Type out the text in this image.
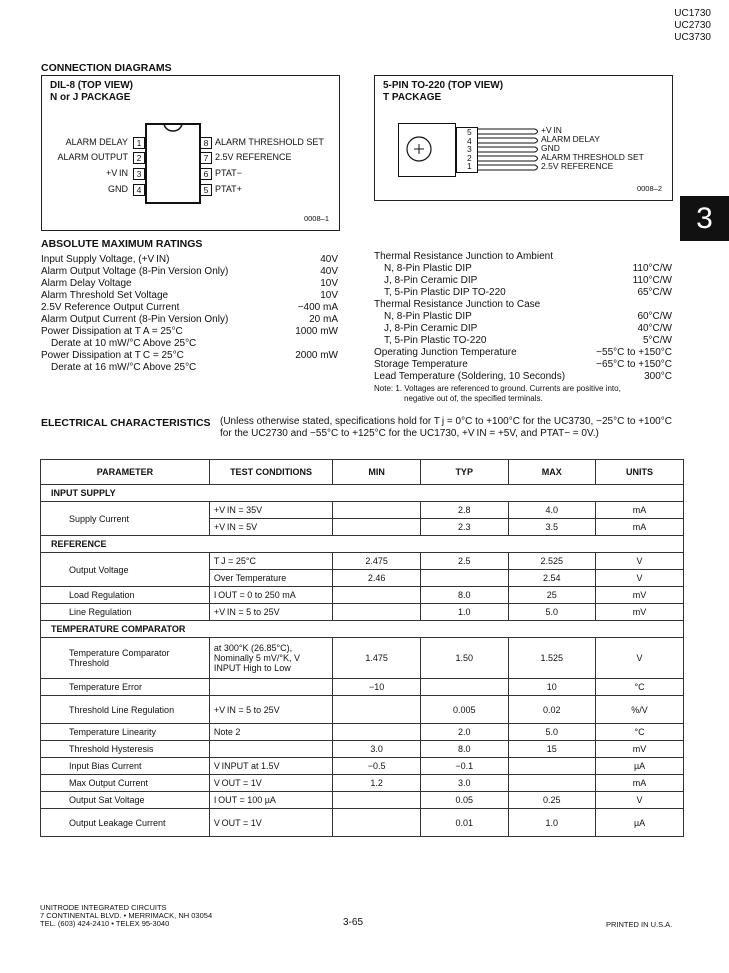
UC1730
UC2730
UC3730
3
CONNECTION DIAGRAMS
DIL-8 (TOP VIEW)
N or J PACKAGE
ALARM DELAY	1
ALARM OUTPUT	2
+V IN	3
GND	4
8 ALARM THRESHOLD SET
7 2.5V REFERENCE
6 PTAT−
5 PTAT+
0008–1
5-PIN TO-220 (TOP VIEW)
T PACKAGE
5
4
3
2
1
+V IN
ALARM DELAY
GND
ALARM THRESHOLD SET
2.5V REFERENCE
0008–2
ABSOLUTE MAXIMUM RATINGS
Input Supply Voltage, (+V IN)	40V
Alarm Output Voltage (8-Pin Version Only)	40V
Alarm Delay Voltage	10V
Alarm Threshold Set Voltage	10V
2.5V Reference Output Current	−400 mA
Alarm Output Current (8-Pin Version Only)	20 mA
Power Dissipation at T A = 25°C	1000 mW
Derate at 10 mW/°C Above 25°C
Power Dissipation at T C = 25°C	2000 mW
Derate at 16 mW/°C Above 25°C
Thermal Resistance Junction to Ambient
N, 8-Pin Plastic DIP	110°C/W
J, 8-Pin Ceramic DIP	110°C/W
T, 5-Pin Plastic DIP TO-220	65°C/W
Thermal Resistance Junction to Case
N, 8-Pin Plastic DIP	60°C/W
J, 8-Pin Ceramic DIP	40°C/W
T, 5-Pin Plastic TO-220	5°C/W
Operating Junction Temperature	−55°C to +150°C
Storage Temperature	−65°C to +150°C
Lead Temperature (Soldering, 10 Seconds)	300°C
Note: 1. Voltages are referenced to ground. Currents are positive into,
negative out of, the specified terminals.
ELECTRICAL CHARACTERISTICS (Unless otherwise stated, specifications hold for T j = 0°C to +100°C for the UC3730, −25°C to +100°C for the UC2730 and −55°C to +125°C for the UC1730, +V IN = +5V, and PTAT− = 0V.)
PARAMETER	TEST CONDITIONS	MIN	TYP	MAX	UNITS
INPUT SUPPLY					
Supply Current	+V IN = 35V		2.8	4.0	mA
	+V IN = 5V		2.3	3.5	mA
REFERENCE					
Output Voltage	T J = 25°C	2.475	2.5	2.525	V
	Over Temperature	2.46		2.54	V
Load Regulation	I OUT = 0 to 250 mA		8.0	25	mV
Line Regulation	+V IN = 5 to 25V		1.0	5.0	mV
TEMPERATURE COMPARATOR					
Temperature Comparator Threshold	at 300°K (26.85°C), Nominally 5 mV/°K, V INPUT High to Low	1.475	1.50	1.525	V
Temperature Error		−10		10	°C
Threshold Line Regulation	+V IN = 5 to 25V		0.005	0.02	%/V
Temperature Linearity	Note 2		2.0	5.0	°C
Threshold Hysteresis		3.0	8.0	15	mV
Input Bias Current	V INPUT at 1.5V	−0.5	−0.1		µA
Max Output Current	V OUT = 1V	1.2	3.0		mA
Output Sat Voltage	I OUT = 100 µA		0.05	0.25	V
Output Leakage Current	V OUT = 1V		0.01	1.0	µA
UNITRODE INTEGRATED CIRCUITS
7 CONTINENTAL BLVD. • MERRIMACK, NH 03054
TEL. (603) 424-2410 • TELEX 95-3040	3-65	PRINTED IN U.S.A.
